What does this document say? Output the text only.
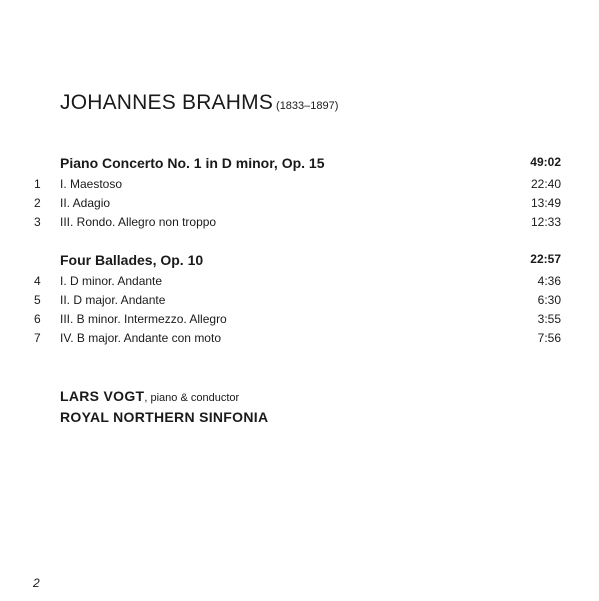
JOHANNES BRAHMS (1833–1897)
Piano Concerto No. 1 in D minor, Op. 15	49:02
1 I. Maestoso	22:40
2 II. Adagio	13:49
3 III. Rondo. Allegro non troppo	12:33
Four Ballades, Op. 10	22:57
4 I. D minor. Andante	4:36
5 II. D major. Andante	6:30
6 III. B minor. Intermezzo. Allegro	3:55
7 IV. B major. Andante con moto	7:56
LARS VOGT, piano & conductor
ROYAL NORTHERN SINFONIA
2
